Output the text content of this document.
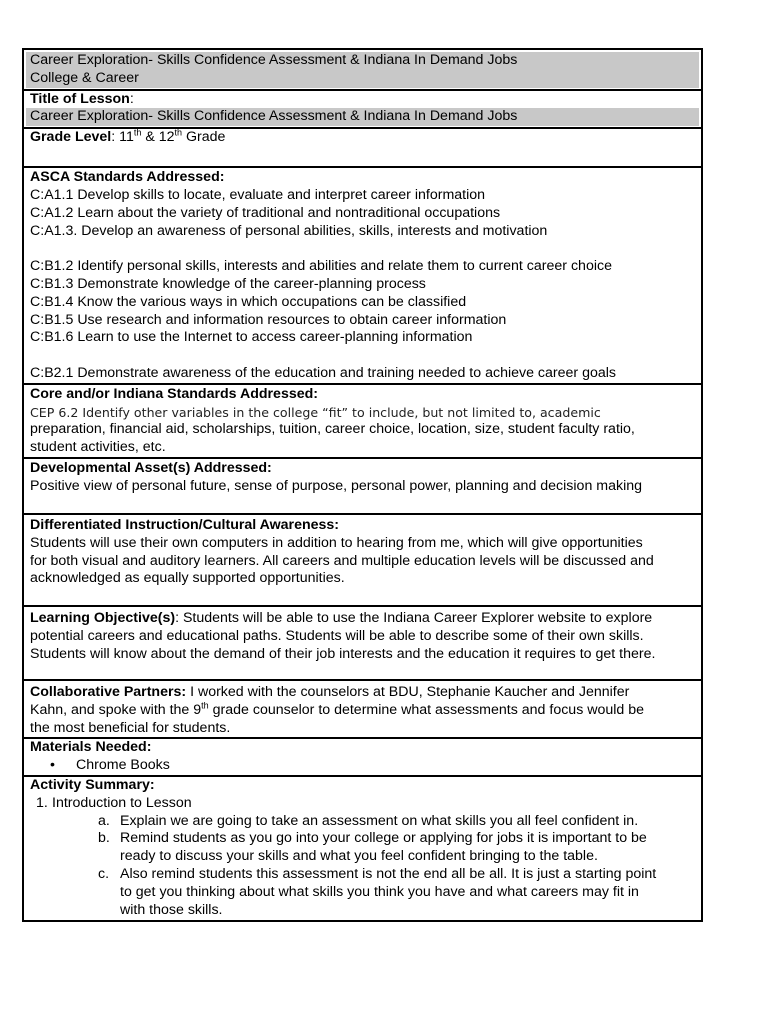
Career Exploration- Skills Confidence Assessment & Indiana In Demand Jobs
College & Career
Title of Lesson:
Career Exploration- Skills Confidence Assessment & Indiana In Demand Jobs
Grade Level: 11th & 12th Grade
ASCA Standards Addressed:
C:A1.1 Develop skills to locate, evaluate and interpret career information
C:A1.2 Learn about the variety of traditional and nontraditional occupations
C:A1.3. Develop an awareness of personal abilities, skills, interests and motivation
C:B1.2 Identify personal skills, interests and abilities and relate them to current career choice
C:B1.3 Demonstrate knowledge of the career-planning process
C:B1.4 Know the various ways in which occupations can be classified
C:B1.5 Use research and information resources to obtain career information
C:B1.6 Learn to use the Internet to access career-planning information
C:B2.1 Demonstrate awareness of the education and training needed to achieve career goals
Core and/or Indiana Standards Addressed:
CEP 6.2 Identify other variables in the college “fit” to include, but not limited to, academic
preparation, financial aid, scholarships, tuition, career choice, location, size, student faculty ratio,
student activities, etc.
Developmental Asset(s) Addressed:
Positive view of personal future, sense of purpose, personal power, planning and decision making
Differentiated Instruction/Cultural Awareness:
Students will use their own computers in addition to hearing from me, which will give opportunities
for both visual and auditory learners. All careers and multiple education levels will be discussed and
acknowledged as equally supported opportunities.
Learning Objective(s): Students will be able to use the Indiana Career Explorer website to explore
potential careers and educational paths. Students will be able to describe some of their own skills.
Students will know about the demand of their job interests and the education it requires to get there.
Collaborative Partners: I worked with the counselors at BDU, Stephanie Kaucher and Jennifer
Kahn, and spoke with the 9th grade counselor to determine what assessments and focus would be
the most beneficial for students.
Materials Needed:
• Chrome Books
Activity Summary:
1. Introduction to Lesson
a. Explain we are going to take an assessment on what skills you all feel confident in.
b. Remind students as you go into your college or applying for jobs it is important to be
ready to discuss your skills and what you feel confident bringing to the table.
c. Also remind students this assessment is not the end all be all. It is just a starting point
to get you thinking about what skills you think you have and what careers may fit in
with those skills.
